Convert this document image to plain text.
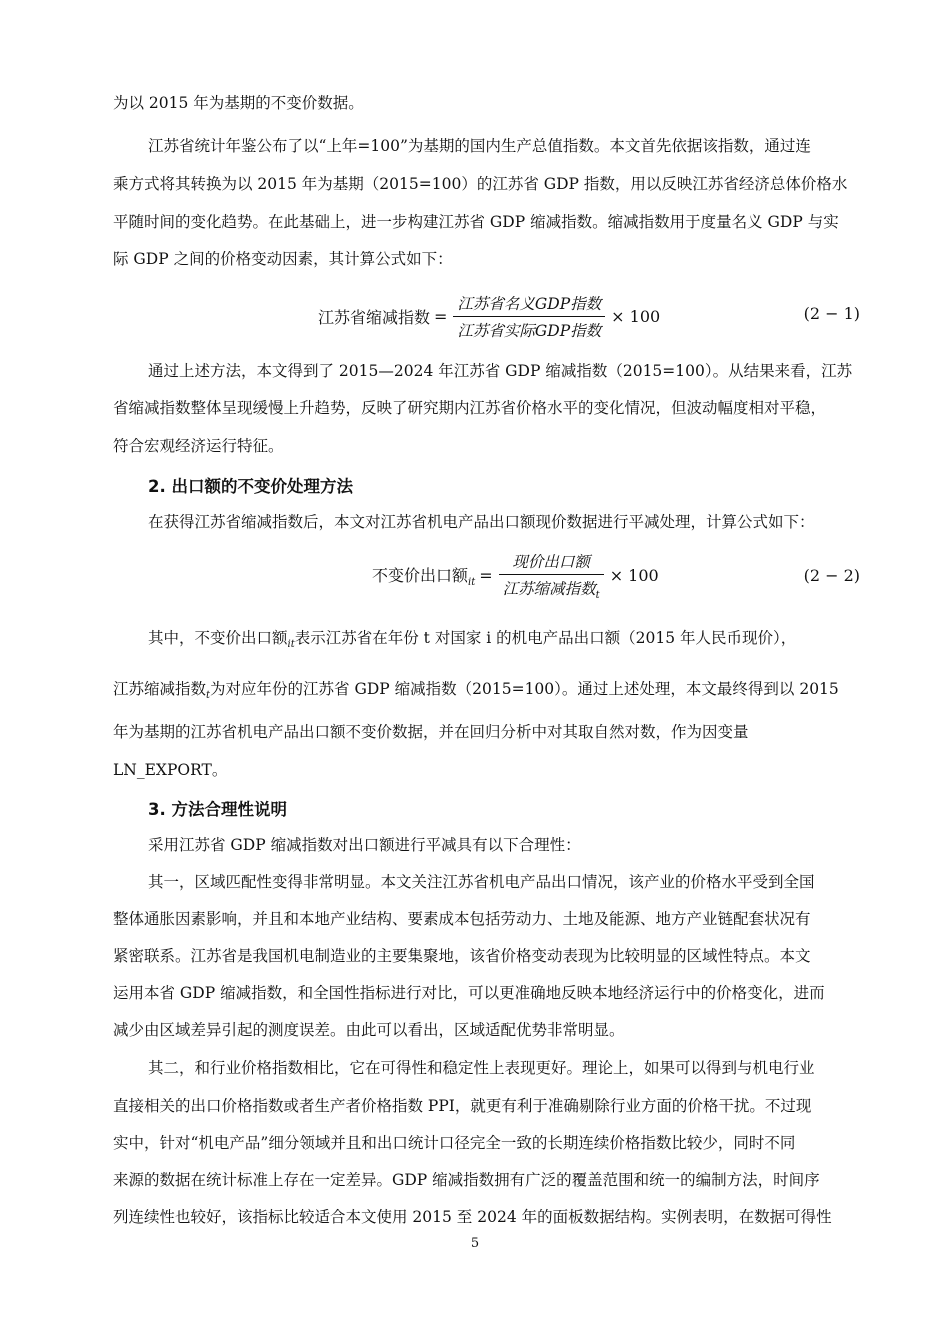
为以 2015 年为基期的不变价数据。
江苏省统计年鉴公布了以“上年=100”为基期的国内生产总值指数。本文首先依据该指数，通过连
乘方式将其转换为以 2015 年为基期（2015=100）的江苏省 GDP 指数，用以反映江苏省经济总体价格水
平随时间的变化趋势。在此基础上，进一步构建江苏省 GDP 缩减指数。缩减指数用于度量名义 GDP 与实
际 GDP 之间的价格变动因素，其计算公式如下：
江苏省缩减指数 = $\frac{\text{江苏省名义GDP指数}}{\text{江苏省实际GDP指数}} \times 100$	(2 − 1)
通过上述方法，本文得到了 2015—2024 年江苏省 GDP 缩减指数（2015=100）。从结果来看，江苏
省缩减指数整体呈现缓慢上升趋势，反映了研究期内江苏省价格水平的变化情况，但波动幅度相对平稳，
符合宏观经济运行特征。
2. 出口额的不变价处理方法
在获得江苏省缩减指数后，本文对江苏省机电产品出口额现价数据进行平减处理，计算公式如下：
不变价出口额$_{it} = \frac{\text{现价出口额}}{江苏缩减指数_t} \times 100$	(2 − 2)
其中，不变价出口额$_{it}$表示江苏省在年份 t 对国家 i 的机电产品出口额（2015 年人民币现价），
江苏缩减指数$_t$为对应年份的江苏省 GDP 缩减指数（2015=100）。通过上述处理，本文最终得到以 2015
年为基期的江苏省机电产品出口额不变价数据，并在回归分析中对其取自然对数，作为因变量
LN_EXPORT。
3. 方法合理性说明
采用江苏省 GDP 缩减指数对出口额进行平减具有以下合理性：
其一，区域匹配性变得非常明显。本文关注江苏省机电产品出口情况，该产业的价格水平受到全国
整体通胀因素影响，并且和本地产业结构、要素成本包括劳动力、土地及能源、地方产业链配套状况有
紧密联系。江苏省是我国机电制造业的主要集聚地，该省价格变动表现为比较明显的区域性特点。本文
运用本省 GDP 缩减指数，和全国性指标进行对比，可以更准确地反映本地经济运行中的价格变化，进而
减少由区域差异引起的测度误差。由此可以看出，区域适配优势非常明显。
其二，和行业价格指数相比，它在可得性和稳定性上表现更好。理论上，如果可以得到与机电行业
直接相关的出口价格指数或者生产者价格指数 PPI，就更有利于准确剔除行业方面的价格干扰。不过现
实中，针对“机电产品”细分领域并且和出口统计口径完全一致的长期连续价格指数比较少，同时不同
来源的数据在统计标准上存在一定差异。GDP 缩减指数拥有广泛的覆盖范围和统一的编制方法，时间序
列连续性也较好，该指标比较适合本文使用 2015 至 2024 年的面板数据结构。实例表明，在数据可得性
5
